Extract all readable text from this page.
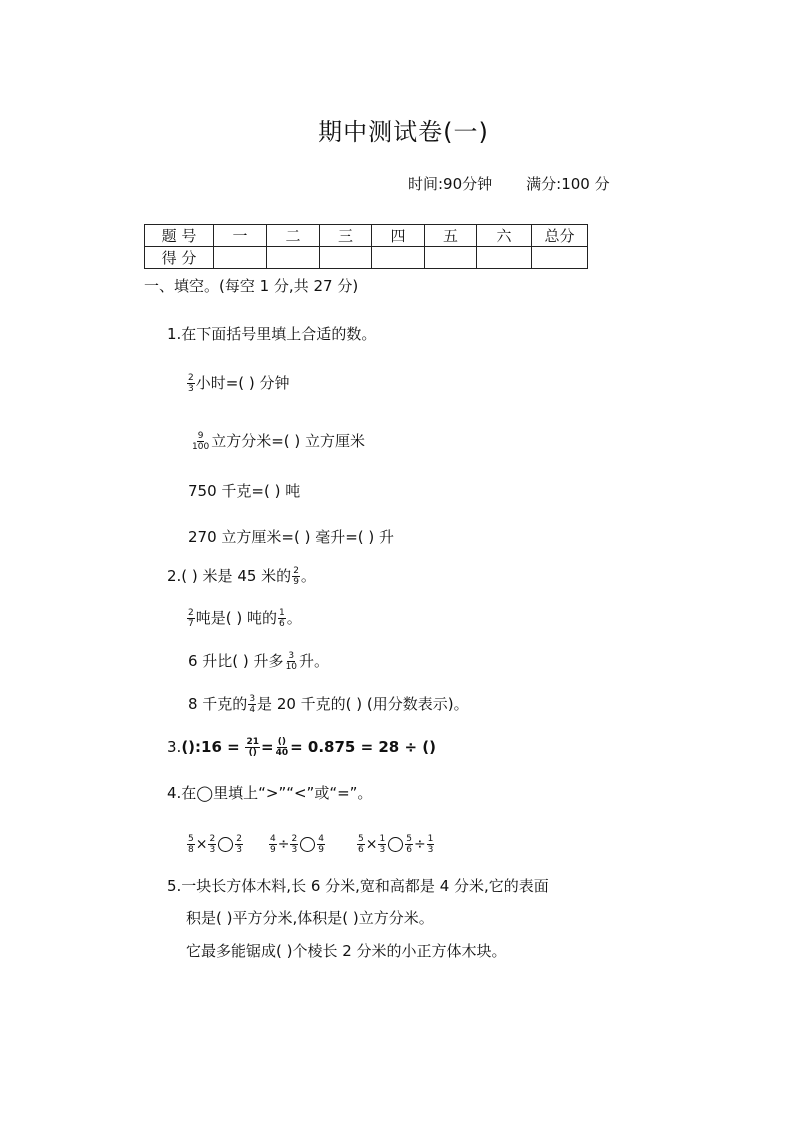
期中测试卷(一)
时间:90分钟 满分:100 分
题 号	一	二	三	四	五	六	总分
得 分							
一、填空。(每空 1 分,共 27 分)
1.在下面括号里填上合适的数。
$\frac{2}{3}$ 小时=( ) 分钟
$\frac{9}{100}$ 立方分米=( ) 立方厘米
750 千克=( ) 吨
270 立方厘米=( ) 毫升=( ) 升
2.( ) 米是 45 米的 $\frac{2}{9}$ 。
$\frac{2}{7}$ 吨是( ) 吨的 $\frac{1}{6}$ 。
6 升比( ) 升多 $\frac{3}{10}$ 升。
8 千克的 $\frac{3}{4}$ 是 20 千克的( ) (用分数表示)。
3.():16 = $\frac{21}{()} = \frac{()}{40} = 0.875 = 28$ ÷ ()
4.在◯里填上“>”“<”或“=”。
$\frac{5}{8} \times \frac{2}{3} \frac{2}{3}$	$\frac{4}{9} \div \frac{2}{3} \frac{4}{9}$	$\frac{5}{6} \times \frac{1}{3} \frac{5}{6} \div \frac{1}{3}$
5.一块长方体木料,长 6 分米,宽和高都是 4 分米,它的表面
积是( )平方分米,体积是( )立方分米。
它最多能锯成( )个棱长 2 分米的小正方体木块。
